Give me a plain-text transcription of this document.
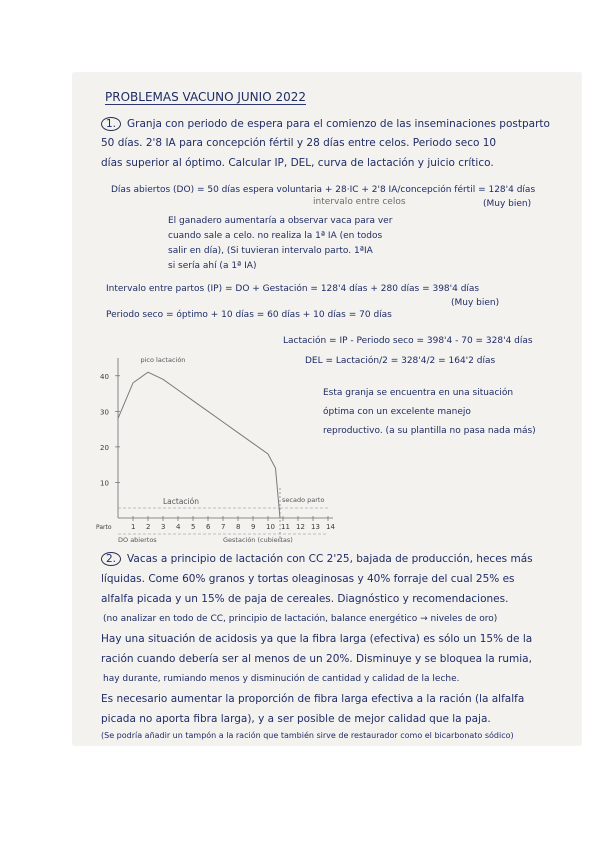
PROBLEMAS VACUNO JUNIO 2022
1. Granja con periodo de espera para el comienzo de las inseminaciones postparto
50 días. 2'8 IA para concepción fértil y 28 días entre celos. Periodo seco 10
días superior al óptimo. Calcular IP, DEL, curva de lactación y juicio crítico.
Días abiertos (DO) = 50 días espera voluntaria + 28·IC + 2'8 IA/concepción fértil = 128'4 días
intervalo entre celos	(Muy bien)
El ganadero aumentaría a observar vaca para ver
cuando sale a celo. no realiza la 1ª IA (en todos
salir en día), (Si tuvieran intervalo parto. 1ªIA
si sería ahí (a 1ª IA)
Intervalo entre partos (IP) = DO + Gestación = 128'4 días + 280 días = 398'4 días
(Muy bien)
Periodo seco = óptimo + 10 días = 60 días + 10 días = 70 días
Lactación = IP - Periodo seco = 398'4 - 70 = 328'4 días
DEL = Lactación/2 = 328'4/2 = 164'2 días
Esta granja se encuentra en una situación
óptima con un excelente manejo
reproductivo. (a su plantilla no pasa nada más)
40
30
20
10
1 2 3 4 5 6 7 8 9 10 11 12 13 14
Parto
pico lactación
Lactación	secado parto
DO abiertos	Gestación (cubiertas)
2. Vacas a principio de lactación con CC 2'25, bajada de producción, heces más
líquidas. Come 60% granos y tortas oleaginosas y 40% forraje del cual 25% es
alfalfa picada y un 15% de paja de cereales. Diagnóstico y recomendaciones.
(no analizar en todo de CC, principio de lactación, balance energético → niveles de oro)
Hay una situación de acidosis ya que la fibra larga (efectiva) es sólo un 15% de la
ración cuando debería ser al menos de un 20%. Disminuye y se bloquea la rumia,
hay durante, rumiando menos y disminución de cantidad y calidad de la leche.
Es necesario aumentar la proporción de fibra larga efectiva a la ración (la alfalfa
picada no aporta fibra larga), y a ser posible de mejor calidad que la paja.
(Se podría añadir un tampón a la ración que también sirve de restaurador como el bicarbonato sódico)
